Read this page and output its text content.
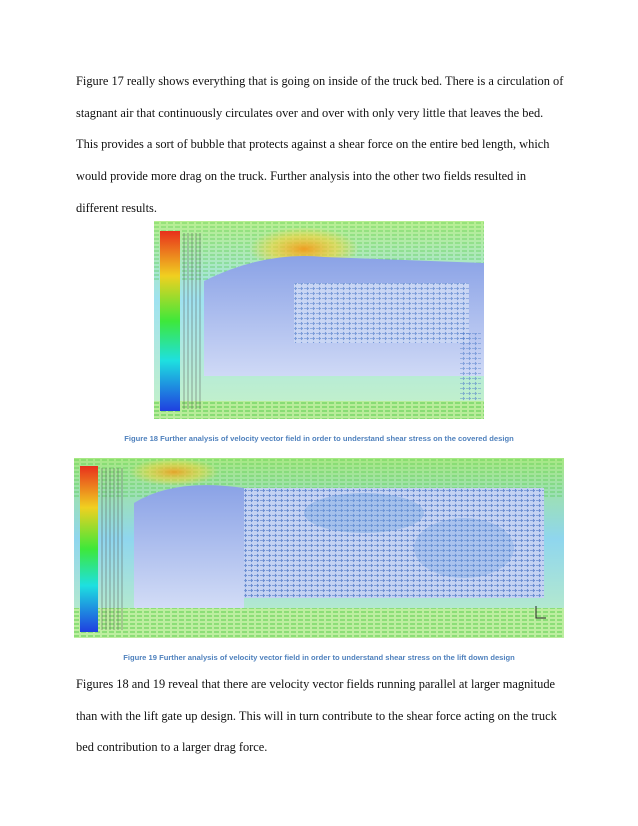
Figure 17 really shows everything that is going on inside of the truck bed. There is a circulation of stagnant air that continuously circulates over and over with only very little that leaves the bed. This provides a sort of bubble that protects against a shear force on the entire bed length, which would provide more drag on the truck. Further analysis into the other two fields resulted in different results.

Figure 18 Further analysis of velocity vector field in order to understand shear stress on the covered design
Figure 19 Further analysis of velocity vector field in order to understand shear stress on the lift down design

Figures 18 and 19 reveal that there are velocity vector fields running parallel at larger magnitude than with the lift gate up design. This will in turn contribute to the shear force acting on the truck bed contribution to a larger drag force.
